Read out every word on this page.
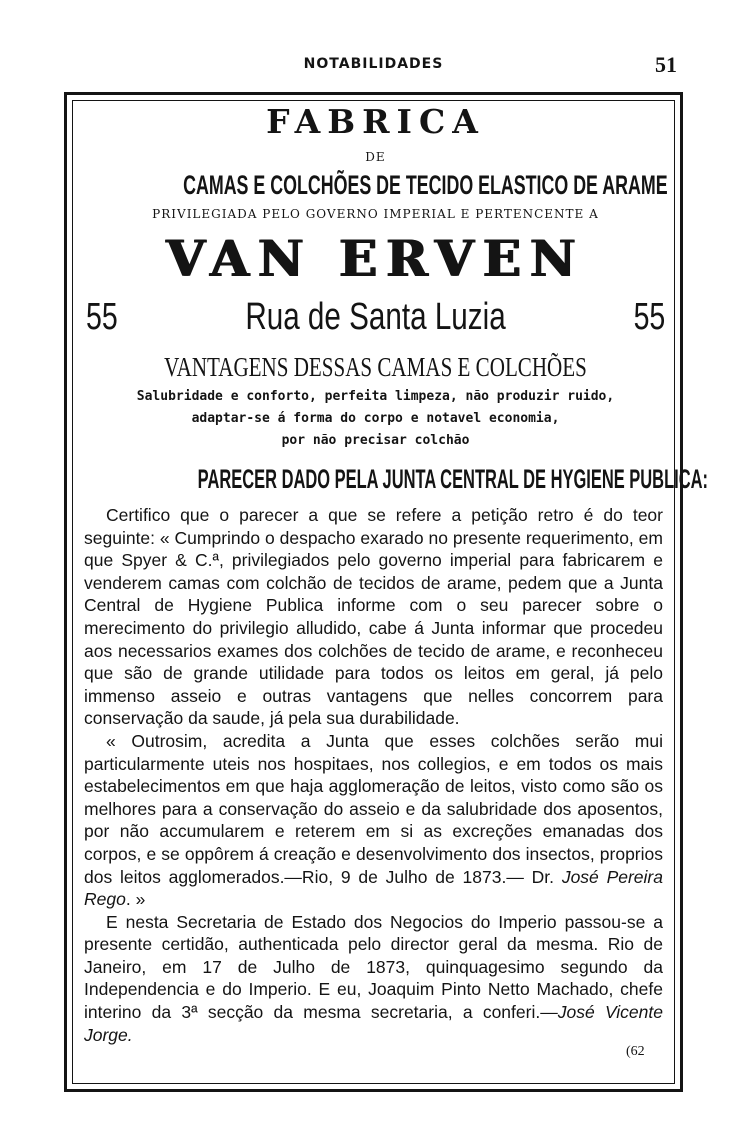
NOTABILIDADES	51
FABRICA
DE
CAMAS E COLCHÕES DE TECIDO ELASTICO DE ARAME
PRIVILEGIADA PELO GOVERNO IMPERIAL E PERTENCENTE A
VAN ERVEN
55	Rua de Santa Luzia	55
VANTAGENS DESSAS CAMAS E COLCHÕES
Salubridade e conforto, perfeita limpeza, não produzir ruido,
adaptar-se á forma do corpo e notavel economia,
por não precisar colchão
PARECER DADO PELA JUNTA CENTRAL DE HYGIENE PUBLICA:

Certifico que o parecer a que se refere a petição retro é do teor seguinte: « Cumprindo o despacho exarado no presente requerimento, em que Spyer & C.ª, privilegiados pelo governo imperial para fabricarem e venderem camas com colchão de tecidos de arame, pedem que a Junta Central de Hygiene Publica informe com o seu parecer sobre o merecimento do privilegio alludido, cabe á Junta informar que procedeu aos necessarios exames dos colchões de tecido de arame, e reconheceu que são de grande utilidade para todos os leitos em geral, já pelo immenso asseio e outras vantagens que nelles concorrem para conservação da saude, já pela sua durabilidade.

« Outrosim, acredita a Junta que esses colchões serão mui particularmente uteis nos hospitaes, nos collegios, e em todos os mais estabelecimentos em que haja agglomeração de leitos, visto como são os melhores para a conservação do asseio e da salubridade dos aposentos, por não accumularem e reterem em si as excreções emanadas dos corpos, e se oppôrem á creação e desenvolvimento dos insectos, proprios dos leitos agglomerados.—Rio, 9 de Julho de 1873.— Dr. José Pereira Rego. »

E nesta Secretaria de Estado dos Negocios do Imperio passou-se a presente certidão, authenticada pelo director geral da mesma. Rio de Janeiro, em 17 de Julho de 1873, quinquagesimo segundo da Independencia e do Imperio. E eu, Joaquim Pinto Netto Machado, chefe interino da 3ª secção da mesma secretaria, a conferi.—José Vicente Jorge.

(62
